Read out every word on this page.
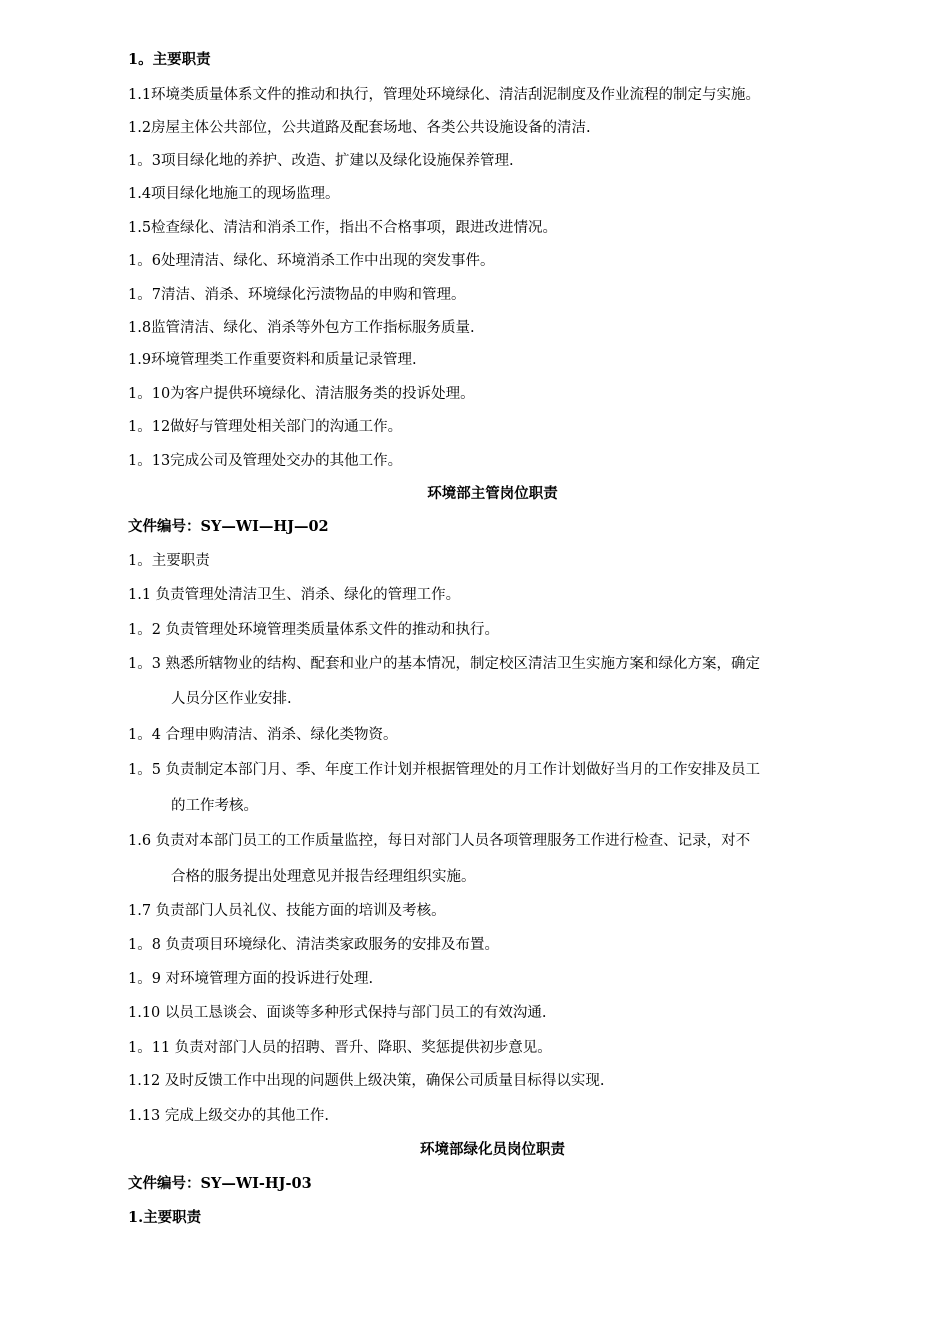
1。主要职责
1.1环境类质量体系文件的推动和执行，管理处环境绿化、清洁刮泥制度及作业流程的制定与实施。
1.2房屋主体公共部位，公共道路及配套场地、各类公共设施设备的清洁.
1。3项目绿化地的养护、改造、扩建以及绿化设施保养管理.
1.4项目绿化地施工的现场监理。
1.5检查绿化、清洁和消杀工作，指出不合格事项，跟进改进情况。
1。6处理清洁、绿化、环境消杀工作中出现的突发事件。
1。7清洁、消杀、环境绿化污渍物品的申购和管理。
1.8监管清洁、绿化、消杀等外包方工作指标服务质量.
1.9环境管理类工作重要资料和质量记录管理.
1。10为客户提供环境绿化、清洁服务类的投诉处理。
1。12做好与管理处相关部门的沟通工作。
1。13完成公司及管理处交办的其他工作。
环境部主管岗位职责
文件编号：SY—WI—HJ—02
1。主要职责
1.1 负责管理处清洁卫生、消杀、绿化的管理工作。
1。2 负责管理处环境管理类质量体系文件的推动和执行。
1。3 熟悉所辖物业的结构、配套和业户的基本情况，制定校区清洁卫生实施方案和绿化方案，确定
人员分区作业安排.
1。4 合理申购清洁、消杀、绿化类物资。
1。5 负责制定本部门月、季、年度工作计划并根据管理处的月工作计划做好当月的工作安排及员工
的工作考核。
1.6 负责对本部门员工的工作质量监控，每日对部门人员各项管理服务工作进行检查、记录，对不
合格的服务提出处理意见并报告经理组织实施。
1.7 负责部门人员礼仪、技能方面的培训及考核。
1。8 负责项目环境绿化、清洁类家政服务的安排及布置。
1。9 对环境管理方面的投诉进行处理.
1.10 以员工恳谈会、面谈等多种形式保持与部门员工的有效沟通.
1。11 负责对部门人员的招聘、晋升、降职、奖惩提供初步意见。
1.12 及时反馈工作中出现的问题供上级决策，确保公司质量目标得以实现.
1.13 完成上级交办的其他工作.
环境部绿化员岗位职责
文件编号：SY—WI-HJ-03
1.主要职责
